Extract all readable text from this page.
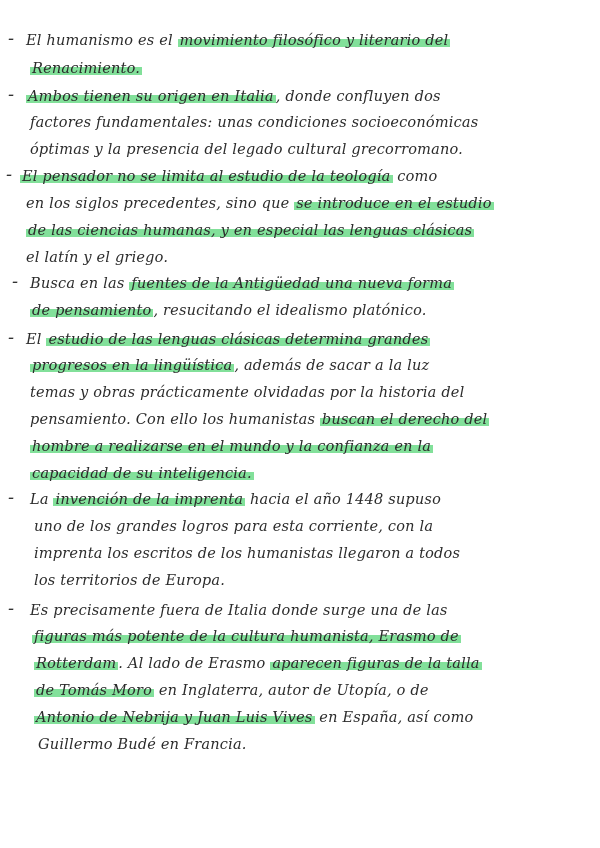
- El humanismo es el movimiento filosófico y literario del
Renacimiento.
- Ambos tienen su origen en Italia , donde confluyen dos
factores fundamentales: unas condiciones socioeconómicas
óptimas y la presencia del legado cultural grecorromano.
- El pensador no se limita al estudio de la teología como
en los siglos precedentes, sino que se introduce en el estudio
de las ciencias humanas, y en especial las lenguas clásicas
el latín y el griego.
- Busca en las fuentes de la Antigüedad una nueva forma
de pensamiento , resucitando el idealismo platónico.
- El estudio de las lenguas clásicas determina grandes
progresos en la lingüística , además de sacar a la luz
temas y obras prácticamente olvidadas por la historia del
pensamiento. Con ello los humanistas buscan el derecho del
hombre a realizarse en el mundo y la confianza en la
capacidad de su inteligencia.
- La invención de la imprenta hacia el año 1448 supuso
uno de los grandes logros para esta corriente, con la
imprenta los escritos de los humanistas llegaron a todos
los territorios de Europa.
- Es precisamente fuera de Italia donde surge una de las
figuras más potente de la cultura humanista, Erasmo de
Rotterdam . Al lado de Erasmo aparecen figuras de la talla
de Tomás Moro en Inglaterra, autor de Utopía, o de
Antonio de Nebrija y Juan Luis Vives en España, así como
Guillermo Budé en Francia.
